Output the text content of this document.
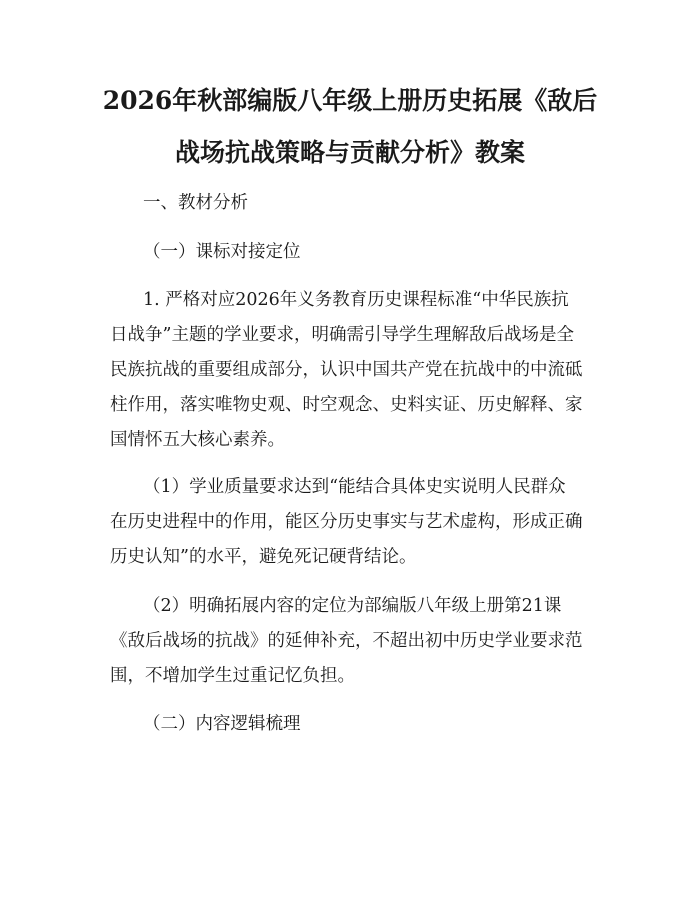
2026年秋部编版八年级上册历史拓展《敌后
战场抗战策略与贡献分析》教案
一、教材分析
（一）课标对接定位
1. 严格对应2026年义务教育历史课程标准“中华民族抗
日战争”主题的学业要求，明确需引导学生理解敌后战场是全
民族抗战的重要组成部分，认识中国共产党在抗战中的中流砥
柱作用，落实唯物史观、时空观念、史料实证、历史解释、家
国情怀五大核心素养。
（1）学业质量要求达到“能结合具体史实说明人民群众
在历史进程中的作用，能区分历史事实与艺术虚构，形成正确
历史认知”的水平，避免死记硬背结论。
（2）明确拓展内容的定位为部编版八年级上册第21课
《敌后战场的抗战》的延伸补充，不超出初中历史学业要求范
围，不增加学生过重记忆负担。
（二）内容逻辑梳理
